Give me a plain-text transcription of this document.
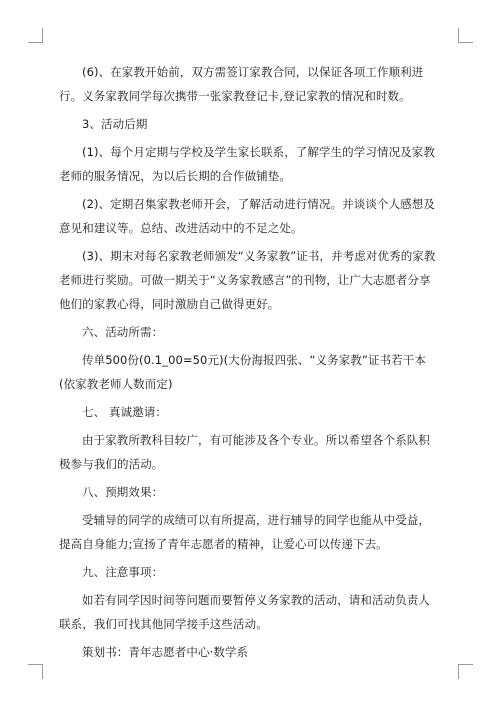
(6)、在家教开始前，双方需签订家教合同，以保证各项工作顺利进行。义务家教同学每次携带一张家教登记卡,登记家教的情况和时数。

3、活动后期

(1)、每个月定期与学校及学生家长联系，了解学生的学习情况及家教老师的服务情况，为以后长期的合作做铺垫。

(2)、定期召集家教老师开会，了解活动进行情况。并谈谈个人感想及意见和建议等。总结、改进活动中的不足之处。

(3)、期末对每名家教老师颁发“义务家教”证书，并考虑对优秀的家教老师进行奖励。可做一期关于“义务家教感言”的刊物，让广大志愿者分享他们的家教心得，同时激励自己做得更好。

六、活动所需：

传单500份(0.1_00=50元)(大份海报四张、“义务家教”证书若干本(依家教老师人数而定)

七、 真诚邀请：

由于家教所教科目较广，有可能涉及各个专业。所以希望各个系队积极参与我们的活动。

八、预期效果：

受辅导的同学的成绩可以有所提高，进行辅导的同学也能从中受益，提高自身能力;宣扬了青年志愿者的精神，让爱心可以传递下去。

九、注意事项：

如若有同学因时间等问题而要暂停义务家教的活动，请和活动负责人联系，我们可找其他同学接手这些活动。

策划书：青年志愿者中心·数学系
